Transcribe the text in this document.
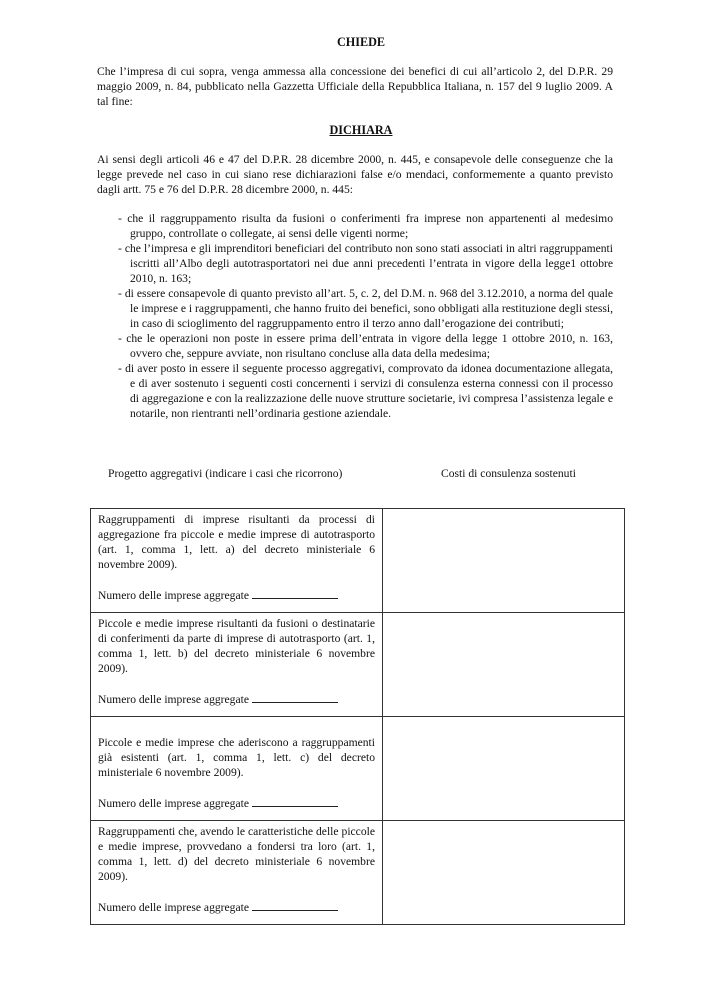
CHIEDE
Che l’impresa di cui sopra, venga ammessa alla concessione dei benefici di cui all’articolo 2, del D.P.R. 29 maggio 2009, n. 84, pubblicato nella Gazzetta Ufficiale della Repubblica Italiana, n. 157 del 9 luglio 2009. A tal fine:
DICHIARA
Ai sensi degli articoli 46 e 47 del D.P.R. 28 dicembre 2000, n. 445, e consapevole delle conseguenze che la legge prevede nel caso in cui siano rese dichiarazioni false e/o mendaci, conformemente a quanto previsto dagli artt. 75 e 76 del D.P.R. 28 dicembre 2000, n. 445:
- che il raggruppamento risulta da fusioni o conferimenti fra imprese non appartenenti al medesimo gruppo, controllate o collegate, ai sensi delle vigenti norme;
- che l’impresa e gli imprenditori beneficiari del contributo non sono stati associati in altri raggruppamenti iscritti all’Albo degli autotrasportatori nei due anni precedenti l’entrata in vigore della legge1 ottobre 2010, n. 163;
- di essere consapevole di quanto previsto all’art. 5, c. 2, del D.M. n. 968 del 3.12.2010, a norma del quale le imprese e i raggruppamenti, che hanno fruito dei benefici, sono obbligati alla restituzione degli stessi, in caso di scioglimento del raggruppamento entro il terzo anno dall’erogazione dei contributi;
- che le operazioni non poste in essere prima dell’entrata in vigore della legge 1 ottobre 2010, n. 163, ovvero che, seppure avviate, non risultano concluse alla data della medesima;
- di aver posto in essere il seguente processo aggregativi, comprovato da idonea documentazione allegata, e di aver sostenuto i seguenti costi concernenti i servizi di consulenza esterna connessi con il processo di aggregazione e con la realizzazione delle nuove strutture societarie, ivi compresa l’assistenza legale e notarile, non rientranti nell’ordinaria gestione aziendale.
Progetto aggregativi (indicare i casi che ricorrono)	Costi di consulenza sostenuti
Raggruppamenti di imprese risultanti da processi di aggregazione fra piccole e medie imprese di autotrasporto (art. 1, comma 1, lett. a) del decreto ministeriale 6 novembre 2009).
Numero delle imprese aggregate	

Piccole e medie imprese risultanti da fusioni o destinatarie di conferimenti da parte di imprese di autotrasporto (art. 1, comma 1, lett. b) del decreto ministeriale 6 novembre 2009).
Numero delle imprese aggregate	

Piccole e medie imprese che aderiscono a raggruppamenti già esistenti (art. 1, comma 1, lett. c) del decreto ministeriale 6 novembre 2009).
Numero delle imprese aggregate	

Raggruppamenti che, avendo le caratteristiche delle piccole e medie imprese, provvedano a fondersi tra loro (art. 1, comma 1, lett. d) del decreto ministeriale 6 novembre 2009).
Numero delle imprese aggregate	
